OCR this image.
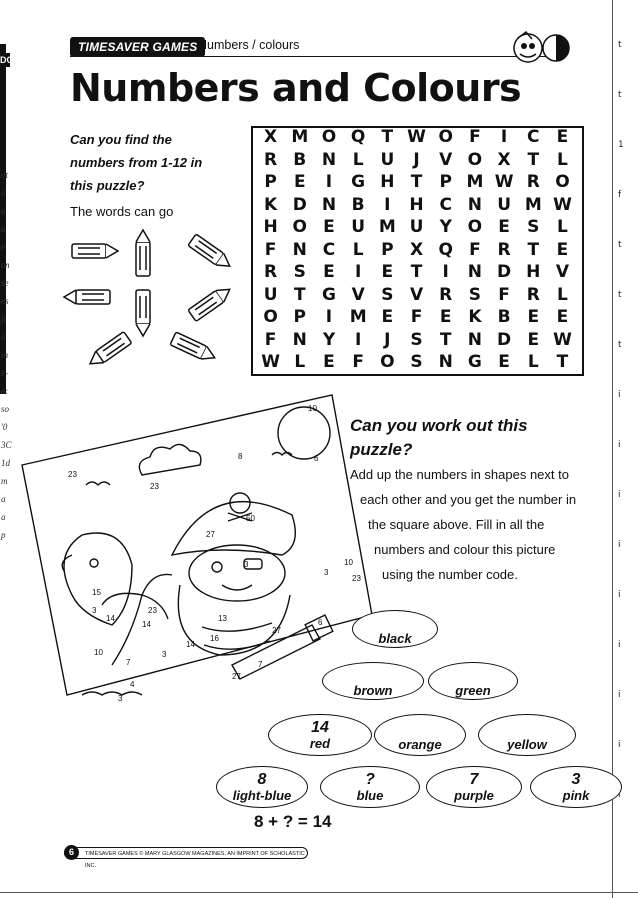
DC
ot
a
a
a
e
en
se
es
ji
a
in
e-
e:
so
'0
3C
1d
m
a
a
p
t
t
1
f
t
t
t
i
i
i
i
i
i
i
i
i
TIMESAVER GAMES Numbers / colours
Numbers and Colours
Can you find the
numbers from 1-12 in
this puzzle?
The words can go
X M O Q T W O F	I	C	E
R B N L U	J	V O X T	L
P	E	I	G H T	P M W R O
K D N B	I	H C N U M W
H O E U M U Y O E	S	L
F N C	L	P X Q F R T	E
R S	E	I	E	T	I	N D H V
U T G V S V R S	F R	L
O P	I	M E	F	E K B E	E
F N Y	I	J	S	T N D E W
W L	E	F O S N G E	L	T
10
8	6
23
23
27
3
50
10
3
3
23
14
15
23
14
10
16
13
14
7
27
27
7
4
6
3
3
Can you work out this
puzzle?
Add up the numbers in shapes next to
each other and you get the number in
the square above. Fill in all the
numbers and colour this picture
using the number code.
black
brown	green
14
red	orange	yellow
8
light-blue
?
blue
7
purple
3
pink
8 + ? = 14
TIMESAVER GAMES © MARY GLASGOW MAGAZINES, AN IMPRINT OF SCHOLASTIC INC.
6
